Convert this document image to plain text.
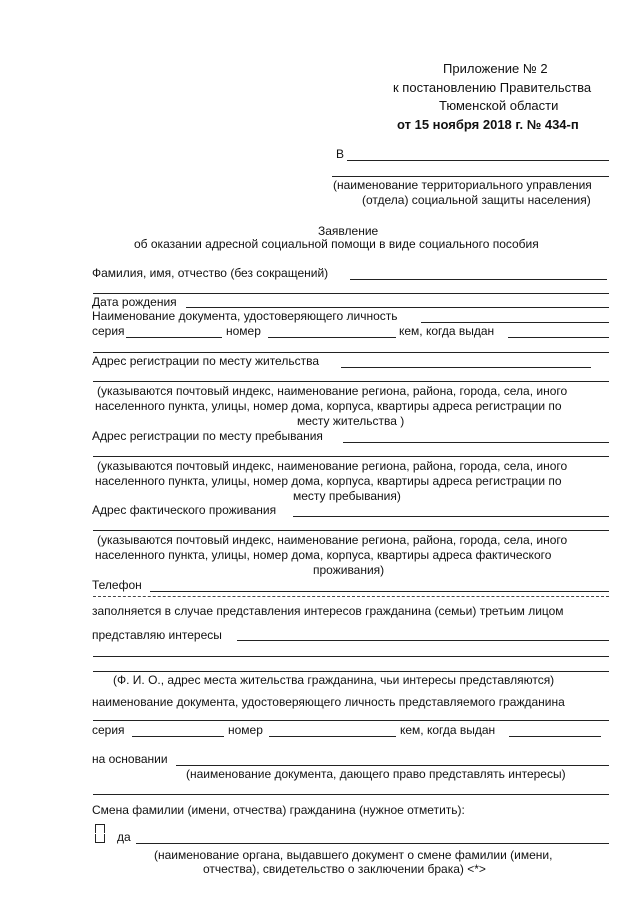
Приложение № 2
к постановлению Правительства
Тюменской области
от 15 ноября 2018 г. № 434-п
В
(наименование территориального управления
(отдела) социальной защиты населения)
Заявление
об оказании адресной социальной помощи в виде социального пособия
Фамилия, имя, отчество (без сокращений)
Дата рождения
Наименование документа, удостоверяющего личность
серия	номер	кем, когда выдан
Адрес регистрации по месту жительства
(указываются почтовый индекс, наименование региона, района, города, села, иного
населенного пункта, улицы, номер дома, корпуса, квартиры адреса регистрации по
месту жительства )
Адрес регистрации по месту пребывания
(указываются почтовый индекс, наименование региона, района, города, села, иного
населенного пункта, улицы, номер дома, корпуса, квартиры адреса регистрации по
месту пребывания)
Адрес фактического проживания
(указываются почтовый индекс, наименование региона, района, города, села, иного
населенного пункта, улицы, номер дома, корпуса, квартиры адреса фактического
проживания)
Телефон
заполняется в случае представления интересов гражданина (семьи) третьим лицом
представляю интересы
(Ф. И. О., адрес места жительства гражданина, чьи интересы представляются)
наименование документа, удостоверяющего личность представляемого гражданина
серия	номер	кем, когда выдан
на основании
(наименование документа, дающего право представлять интересы)
Смена фамилии (имени, отчества) гражданина (нужное отметить):
да
(наименование органа, выдавшего документ о смене фамилии (имени,
отчества), свидетельство о заключении брака) <*>
